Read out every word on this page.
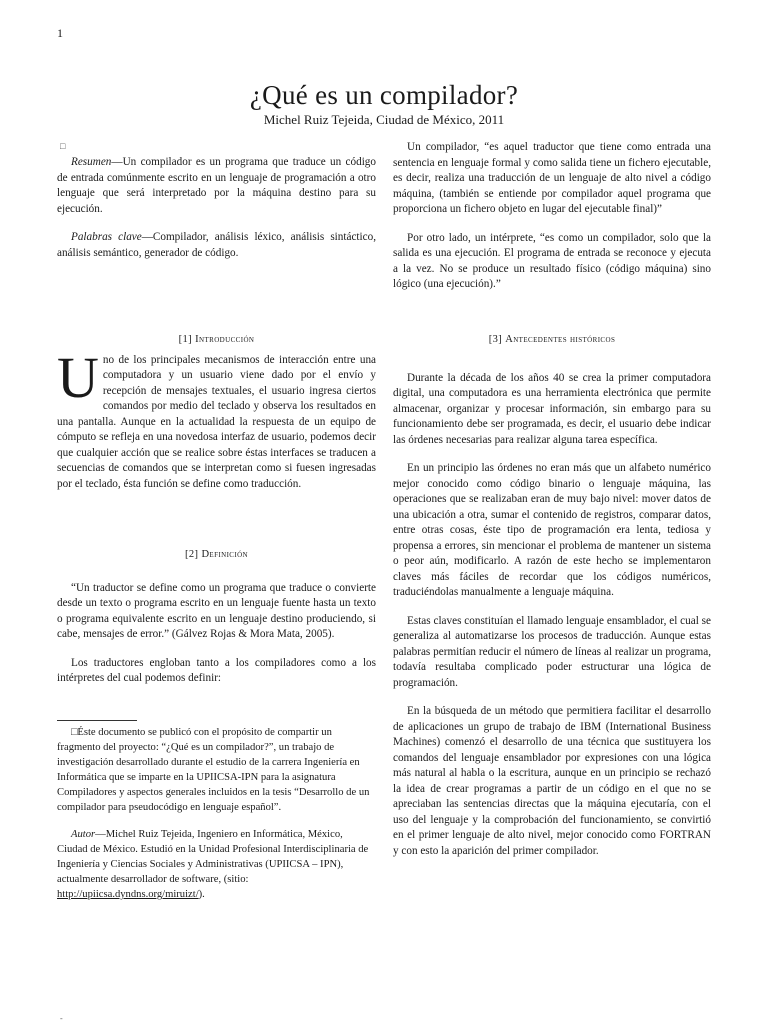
1
¿Qué es un compilador?
Michel Ruiz Tejeida, Ciudad de México, 2011
□

Resumen—Un compilador es un programa que traduce un código de entrada comúnmente escrito en un lenguaje de programación a otro lenguaje que será interpretado por la máquina destino para su ejecución.

Palabras clave—Compilador, análisis léxico, análisis sintáctico, análisis semántico, generador de código.

[1] Introducción

Uno de los principales mecanismos de interacción entre una computadora y un usuario viene dado por el envío y recepción de mensajes textuales, el usuario ingresa ciertos comandos por medio del teclado y observa los resultados en una pantalla. Aunque en la actualidad la respuesta de un equipo de cómputo se refleja en una novedosa interfaz de usuario, podemos decir que cualquier acción que se realice sobre éstas interfaces se traducen a secuencias de comandos que se interpretan como si fuesen ingresadas por el teclado, ésta función se define como traducción.

[2] Definición

“Un traductor se define como un programa que traduce o convierte desde un texto o programa escrito en un lenguaje fuente hasta un texto o programa equivalente escrito en un lenguaje destino produciendo, si cabe, mensajes de error.” (Gálvez Rojas & Mora Mata, 2005).

Los traductores engloban tanto a los compiladores como a los intérpretes del cual podemos definir:

□Éste documento se publicó con el propósito de compartir un fragmento del proyecto: “¿Qué es un compilador?”, un trabajo de investigación desarrollado durante el estudio de la carrera Ingeniería en Informática que se imparte en la UPIICSA-IPN para la asignatura Compiladores y aspectos generales incluidos en la tesis “Desarrollo de un compilador para pseudocódigo en lenguaje español”.

Autor—Michel Ruiz Tejeida, Ingeniero en Informática, México, Ciudad de México. Estudió en la Unidad Profesional Interdisciplinaria de Ingeniería y Ciencias Sociales y Administrativas (UPIICSA – IPN), actualmente desarrollador de software, (sitio: http://upiicsa.dyndns.org/miruizt/).

Un compilador, “es aquel traductor que tiene como entrada una sentencia en lenguaje formal y como salida tiene un fichero ejecutable, es decir, realiza una traducción de un lenguaje de alto nivel a código máquina, (también se entiende por compilador aquel programa que proporciona un fichero objeto en lugar del ejecutable final)”

Por otro lado, un intérprete, “es como un compilador, solo que la salida es una ejecución. El programa de entrada se reconoce y ejecuta a la vez. No se produce un resultado físico (código máquina) sino lógico (una ejecución).”

[3] Antecedentes históricos

Durante la década de los años 40 se crea la primer computadora digital, una computadora es una herramienta electrónica que permite almacenar, organizar y procesar información, sin embargo para su funcionamiento debe ser programada, es decir, el usuario debe indicar las órdenes necesarias para realizar alguna tarea específica.

En un principio las órdenes no eran más que un alfabeto numérico mejor conocido como código binario o lenguaje máquina, las operaciones que se realizaban eran de muy bajo nivel: mover datos de una ubicación a otra, sumar el contenido de registros, comparar datos, entre otras cosas, éste tipo de programación era lenta, tediosa y propensa a errores, sin mencionar el problema de mantener un sistema o peor aún, modificarlo. A razón de este hecho se implementaron claves más fáciles de recordar que los códigos numéricos, traduciéndolas manualmente a lenguaje máquina.

Estas claves constituían el llamado lenguaje ensamblador, el cual se generaliza al automatizarse los procesos de traducción. Aunque estas palabras permitían reducir el número de líneas al realizar un programa, todavía resultaba complicado poder estructurar una lógica de programación.

En la búsqueda de un método que permitiera facilitar el desarrollo de aplicaciones un grupo de trabajo de IBM (International Business Machines) comenzó el desarrollo de una técnica que sustituyera los comandos del lenguaje ensamblador por expresiones con una lógica más natural al habla o la escritura, aunque en un principio se rechazó la idea de crear programas a partir de un código en el que no se apreciaban las sentencias directas que la máquina ejecutaría, con el uso del lenguaje y la comprobación del funcionamiento, se convirtió en el primer lenguaje de alto nivel, mejor conocido como FORTRAN y con esto la aparición del primer compilador.

-
